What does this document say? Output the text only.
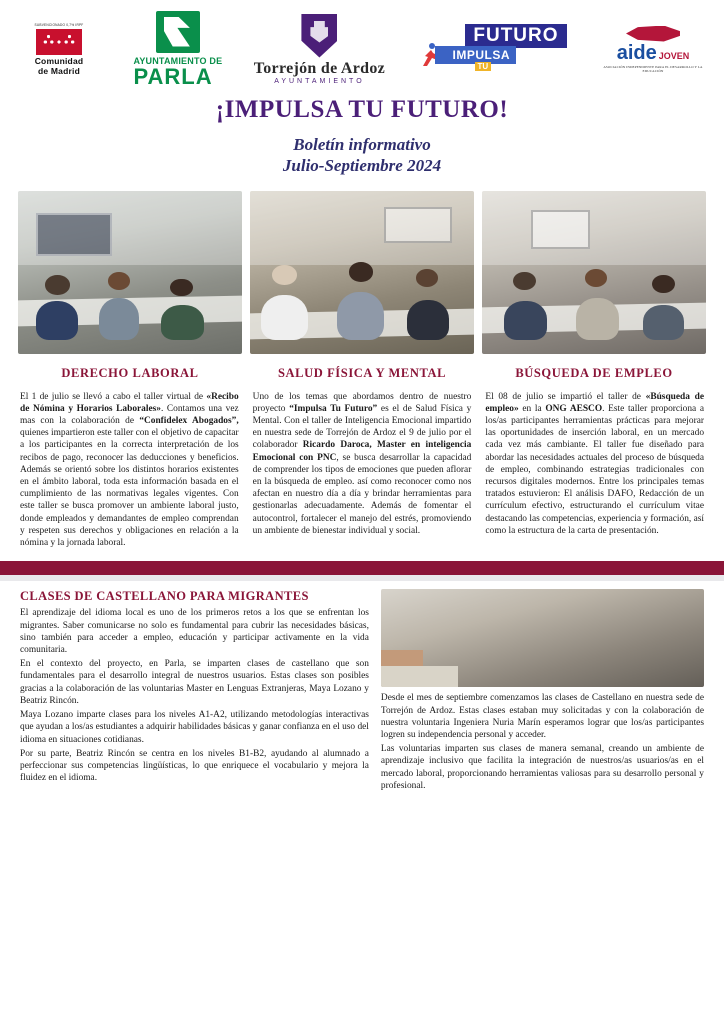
SUBVENCIONADO 0,7% IRPF
Comunidad
de Madrid
AYUNTAMIENTO DE
PARLA	Torrejón de Ardoz
AYUNTAMIENTO
FUTURO
IMPULSA
TU
aide JOVEN
ASOCIACIÓN INDEPENDIENTE PARA EL DESARROLLO Y LA EDUCACIÓN
¡IMPULSA TU FUTURO!
Boletín informativo
Julio-Septiembre 2024
DERECHO LABORAL	SALUD FÍSICA Y MENTAL	BÚSQUEDA DE EMPLEO
El 1 de julio se llevó a cabo el taller virtual de «Recibo de Nómina y Horarios Laborales». Contamos una vez mas con la colaboración de “Confidelex Abogados”, quienes impartieron este taller con el objetivo de capacitar a los participantes en la correcta interpretación de los recibos de pago, reconocer las deducciones y beneficios. Además se orientó sobre los distintos horarios existentes en el ámbito laboral, toda esta información basada en el cumplimiento de las normativas legales vigentes. Con este taller se busca promover un ambiente laboral justo, donde empleados y demandantes de empleo comprendan y respeten sus derechos y obligaciones en relación a la nómina y la jornada laboral.
Uno de los temas que abordamos dentro de nuestro proyecto “Impulsa Tu Futuro” es el de Salud Física y Mental. Con el taller de Inteligencia Emocional impartido en nuestra sede de Torrejón de Ardoz el 9 de julio por el colaborador Ricardo Daroca, Master en inteligencia Emocional con PNC, se busca desarrollar la capacidad de comprender los tipos de emociones que pueden aflorar en la búsqueda de empleo. así como reconocer como nos afectan en nuestro día a día y brindar herramientas para gestionarlas adecuadamente. Además de fomentar el autocontrol, fortalecer el manejo del estrés, promoviendo un ambiente de bienestar individual y social.
El 08 de julio se impartió el taller de «Búsqueda de empleo» en la ONG AESCO. Este taller proporciona a los/as participantes herramientas prácticas para mejorar las oportunidades de inserción laboral, en un mercado cada vez más cambiante. El taller fue diseñado para abordar las necesidades actuales del proceso de búsqueda de empleo, combinando estrategias tradicionales con recursos digitales modernos. Entre los principales temas tratados estuvieron: El análisis DAFO, Redacción de un currículum efectivo, estructurando el currículum vitae destacando las competencias, experiencia y formación, así como la estructura de la carta de presentación.
CLASES DE CASTELLANO PARA MIGRANTES

El aprendizaje del idioma local es uno de los primeros retos a los que se enfrentan los migrantes. Saber comunicarse no solo es fundamental para cubrir las necesidades básicas, sino también para acceder a empleo, educación y participar activamente en la vida comunitaria.

En el contexto del proyecto, en Parla, se imparten clases de castellano que son fundamentales para el desarrollo integral de nuestros usuarios. Estas clases son posibles gracias a la colaboración de las voluntarias Master en Lenguas Extranjeras, Maya Lozano y Beatriz Rincón.

Maya Lozano imparte clases para los niveles A1-A2, utilizando metodologías interactivas que ayudan a los/as estudiantes a adquirir habilidades básicas y ganar confianza en el uso del idioma en situaciones cotidianas.

Por su parte, Beatriz Rincón se centra en los niveles B1-B2, ayudando al alumnado a perfeccionar sus competencias lingüísticas, lo que enriquece el vocabulario y mejora la fluidez en el idioma.

Desde el mes de septiembre comenzamos las clases de Castellano en nuestra sede de Torrejón de Ardoz. Estas clases estaban muy solicitadas y con la colaboración de nuestra voluntaria Ingeniera Nuria Marín esperamos lograr que los/as participantes logren su independencia personal y acceder.

Las voluntarias imparten sus clases de manera semanal, creando un ambiente de aprendizaje inclusivo que facilita la integración de nuestros/as usuarios/as en el mercado laboral, proporcionando herramientas valiosas para su desarrollo personal y profesional.
